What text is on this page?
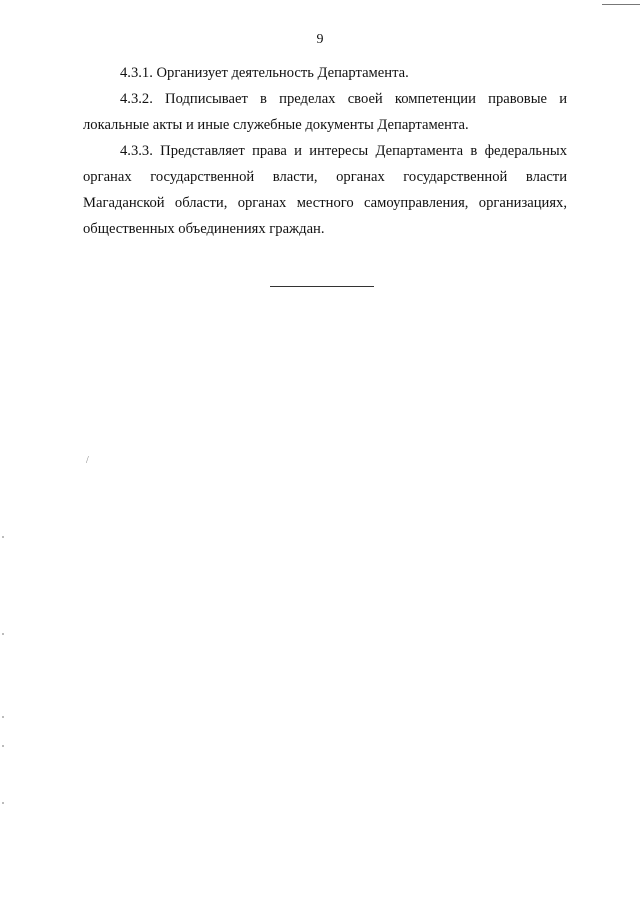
9

4.3.1. Организует деятельность Департамента.

4.3.2. Подписывает в пределах своей компетенции правовые и
локальные акты и иные служебные документы Департамента.

4.3.3. Представляет права и интересы Департамента в федеральных
органах государственной власти, органах государственной власти
Магаданской области, органах местного самоуправления, организациях,
общественных объединениях граждан.

/
